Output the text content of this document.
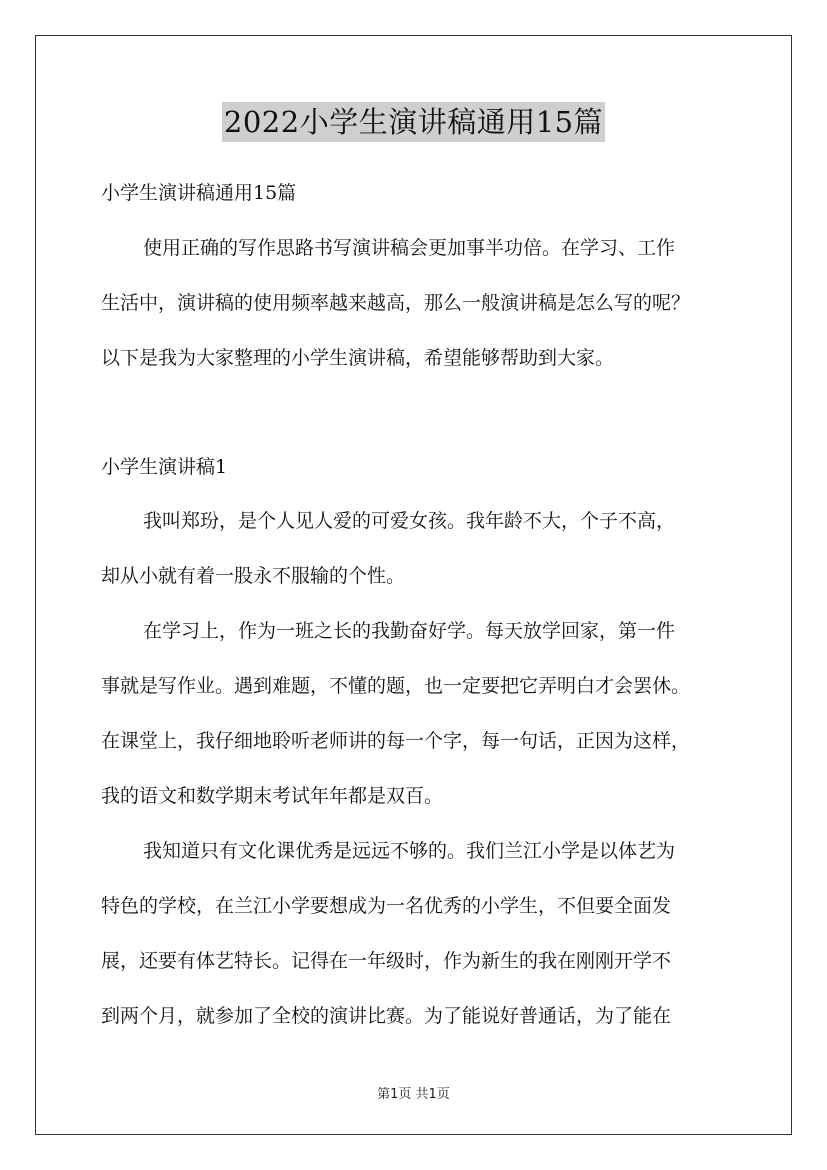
2022小学生演讲稿通用15篇
小学生演讲稿通用15篇
使用正确的写作思路书写演讲稿会更加事半功倍。在学习、工作
生活中，演讲稿的使用频率越来越高，那么一般演讲稿是怎么写的呢？
以下是我为大家整理的小学生演讲稿，希望能够帮助到大家。
小学生演讲稿1
我叫郑玢，是个人见人爱的可爱女孩。我年龄不大，个子不高，
却从小就有着一股永不服输的个性。
在学习上，作为一班之长的我勤奋好学。每天放学回家，第一件
事就是写作业。遇到难题，不懂的题，也一定要把它弄明白才会罢休。
在课堂上，我仔细地聆听老师讲的每一个字，每一句话，正因为这样，
我的语文和数学期末考试年年都是双百。
我知道只有文化课优秀是远远不够的。我们兰江小学是以体艺为
特色的学校，在兰江小学要想成为一名优秀的小学生，不但要全面发
展，还要有体艺特长。记得在一年级时，作为新生的我在刚刚开学不
到两个月，就参加了全校的演讲比赛。为了能说好普通话，为了能在
第1页 共1页
